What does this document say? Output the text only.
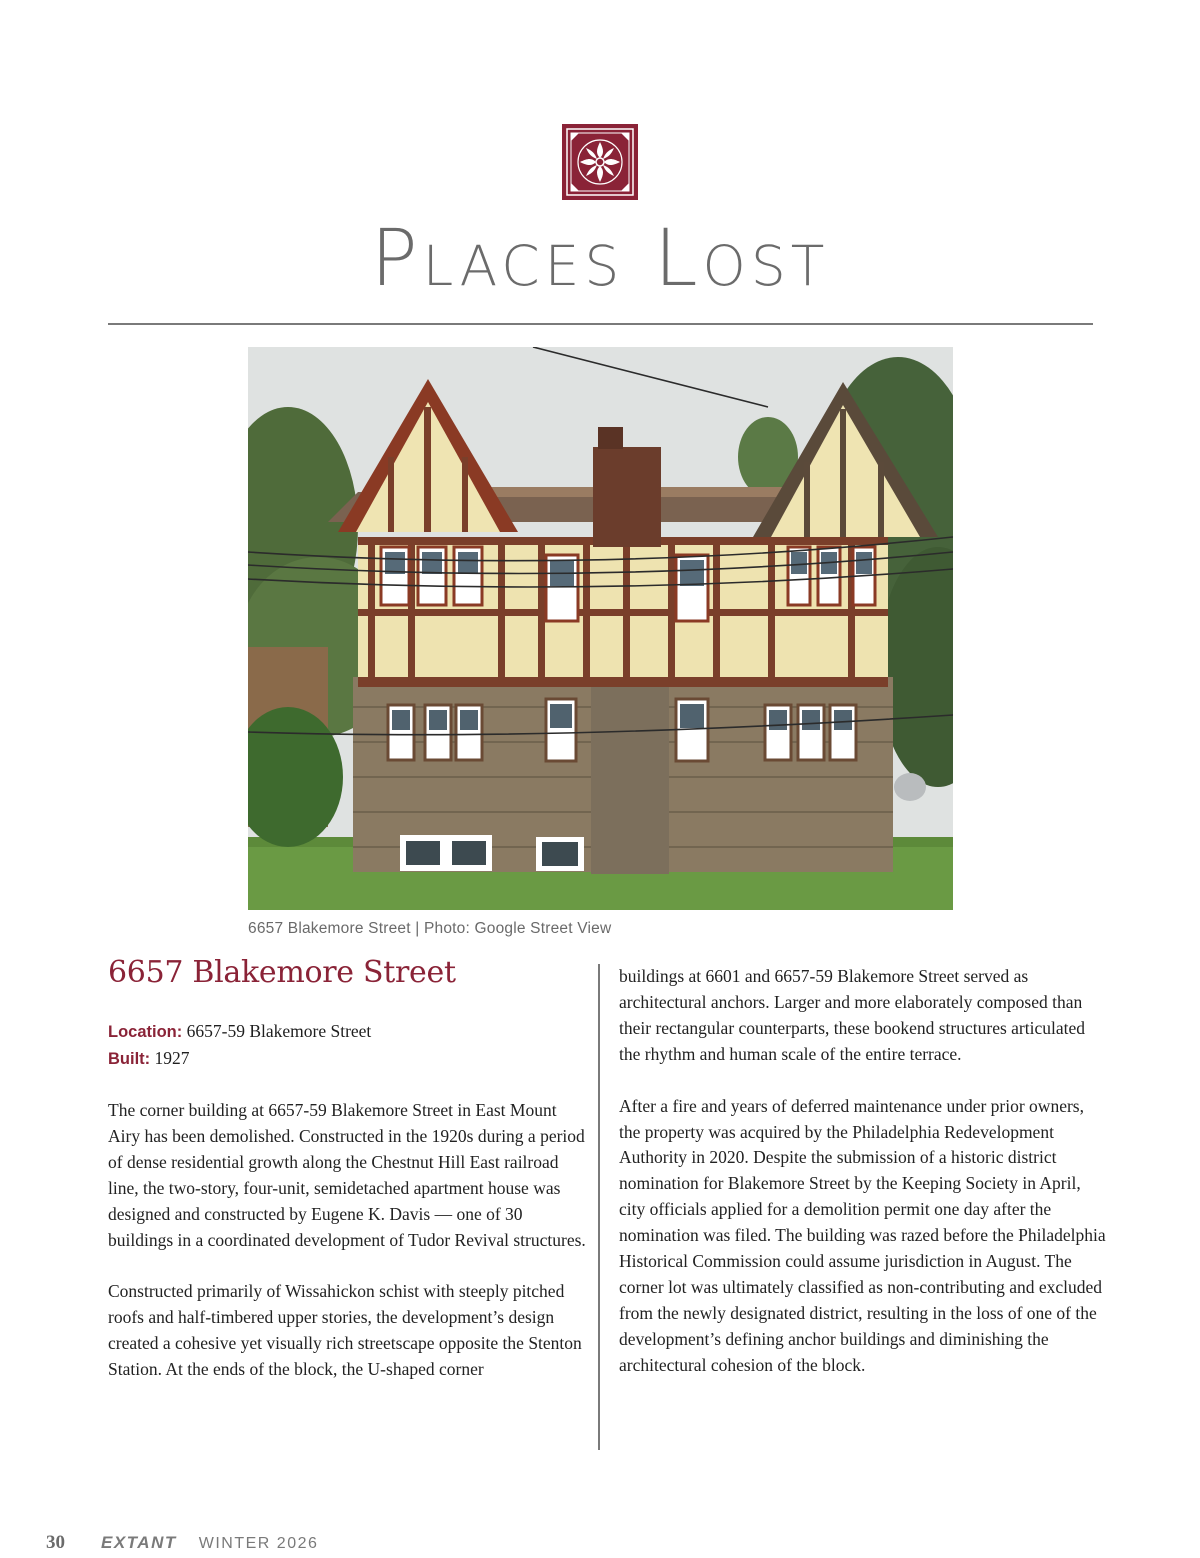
Places Lost
6657 Blakemore Street | Photo: Google Street View
6657 Blakemore Street
Location: 6657-59 Blakemore Street
Built: 1927

The corner building at 6657-59 Blakemore Street in East Mount Airy has been demolished. Constructed in the 1920s during a period of dense residential growth along the Chestnut Hill East railroad line, the two-story, four-unit, semidetached apartment house was designed and constructed by Eugene K. Davis — one of 30 buildings in a coordinated development of Tudor Revival structures.

Constructed primarily of Wissahickon schist with steeply pitched roofs and half-timbered upper stories, the development’s design created a cohesive yet visually rich streetscape opposite the Stenton Station. At the ends of the block, the U-shaped corner

buildings at 6601 and 6657-59 Blakemore Street served as architectural anchors. Larger and more elaborately composed than their rectangular counterparts, these bookend structures articulated the rhythm and human scale of the entire terrace.

After a fire and years of deferred maintenance under prior owners, the property was acquired by the Philadelphia Redevelopment Authority in 2020. Despite the submission of a historic district nomination for Blakemore Street by the Keeping Society in April, city officials applied for a demolition permit one day after the nomination was filed. The building was razed before the Philadelphia Historical Commission could assume jurisdiction in August. The corner lot was ultimately classified as non-contributing and excluded from the newly designated district, resulting in the loss of one of the development’s defining anchor buildings and diminishing the architectural cohesion of the block.

30 EXTANT WINTER 2026
